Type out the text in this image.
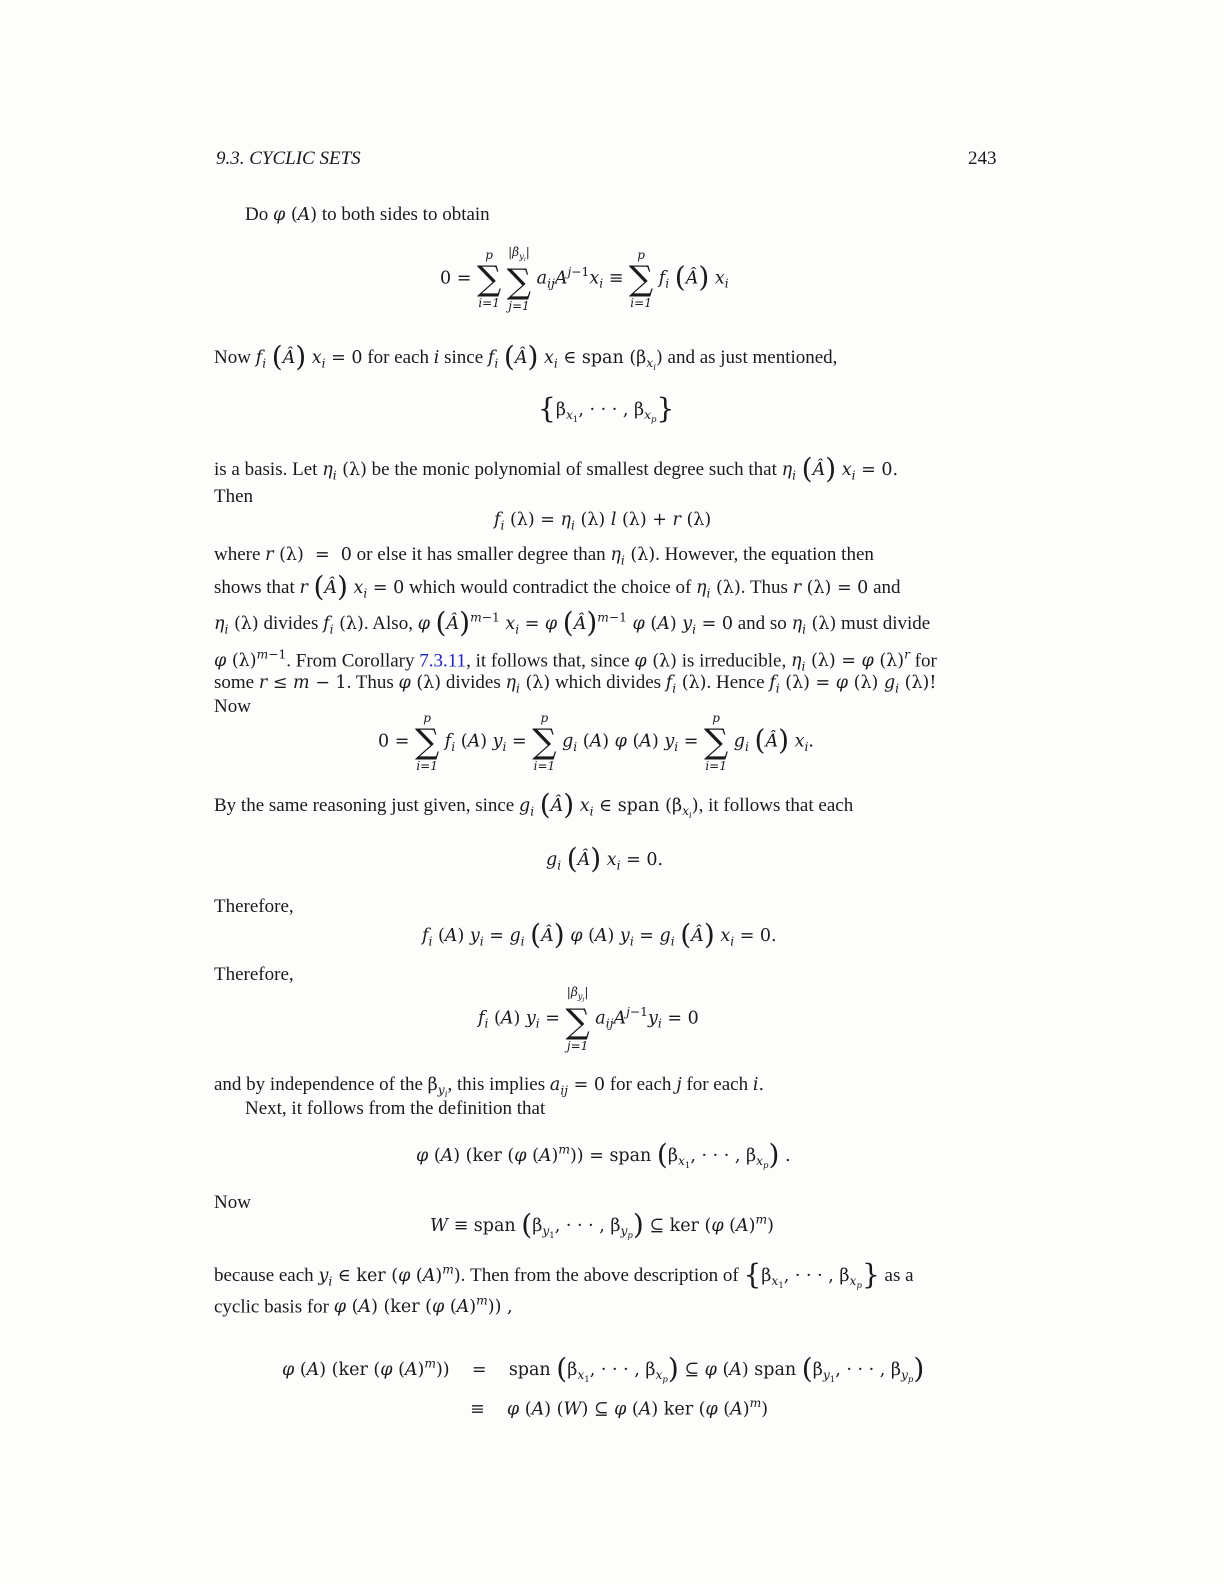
9.3. CYCLIC SETS	243
Do φ (A) to both sides to obtain
0 =
p
∑
i=1

$|\beta_{y_i}|$
∑
j=1
$a_{ij}A^{j-1}x_i$ ≡
p
∑
i=1
$f_i$ (Â) $x_i$
Now $f_i$ (Â) $x_i = 0$ for each i since $f_i$ (Â) $x_i$ ∈ span $(\beta_{x_i})$ and as just mentioned,
{$\beta_{x_1}$, · · · , $\beta_{x_p}$}
is a basis. Let $\eta_i$ (λ) be the monic polynomial of smallest degree such that $\eta_i$ (Â) $x_i = 0$.
Then
$f_i$ $(\lambda) = \eta_i$ (λ) l (λ) + r (λ)
where r (λ)  =  0 or else it has smaller degree than $\eta_i$ (λ). However, the equation then
shows that r (Â) $x_i = 0$ which would contradict the choice of $\eta_i$ (λ). Thus r (λ) = 0 and
$\eta_i$ (λ) divides $f_i$ (λ). Also, φ (Â)$^{m-1}$ $x_i = \varphi$ (Â)$^{m-1}$ φ (A) $y_i = 0$ and so $\eta_i$ (λ) must divide
φ $(\lambda)^{m-1}$. From Corollary 7.3.11, it follows that, since φ (λ) is irreducible, $\eta_i$ (λ) = φ $(\lambda)^r$ for
some r ≤ m − 1. Thus φ (λ) divides $\eta_i$ (λ) which divides $f_i$ (λ). Hence $f_i$ (λ) = φ (λ) $g_i$ (λ)!
Now
0 =
p
∑
i=1
$f_i$ (A) $y_i$ =
p
∑
i=1
$g_i$ (A) φ (A) $y_i$ =
p
∑
i=1
$g_i$ (Â) $x_i$.
By the same reasoning just given, since $g_i$ (Â) $x_i$ ∈ span $(\beta_{x_i})$, it follows that each
$g_i$ (Â) $x_i = 0$.
Therefore,
$f_i$ (A) $y_i = g_i$ (Â) φ (A) $y_i = g_i$ (Â) $x_i = 0$.
Therefore,
$f_i$ (A) $y_i$ =
$|\beta_{y_j}|$
∑
j=1
$a_{ij}A^{j-1}y_i = 0$
and by independence of the $\beta_{y_i}$, this implies $a_{ij} = 0$ for each j for each i.
Next, it follows from the definition that
φ (A) (ker (φ $(A)^m$)) = span ($\beta_{x_1}$, · · · , $\beta_{x_p}$) .
Now
W ≡ span ($\beta_{y_1}$, · · · , $\beta_{y_p}$) ⊆ ker (φ $(A)^m$)
because each $y_i$ ∈ ker (φ $(A)^m$). Then from the above description of {$\beta_{x_1}$, · · · , $\beta_{x_p}$} as a
cyclic basis for φ (A) (ker (φ $(A)^m$)) ,
φ (A) (ker (φ $(A)^m$))    =    span ($\beta_{x_1}$, · · · , $\beta_{x_p}$) ⊆ φ (A) span ($\beta_{y_1}$, · · · , $\beta_{y_p}$)
≡    φ (A) (W) ⊆ φ (A) ker (φ $(A)^m$)
